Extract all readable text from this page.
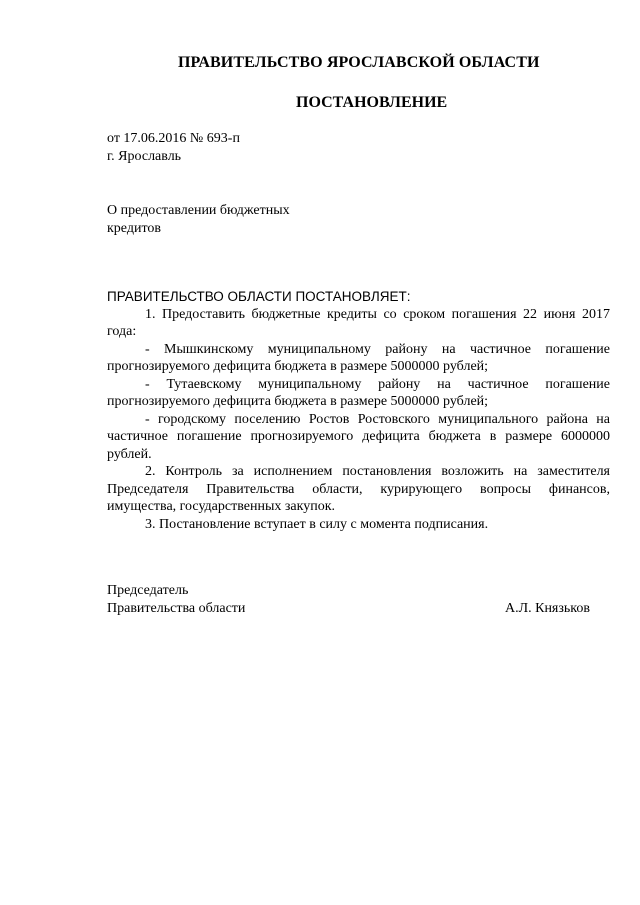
ПРАВИТЕЛЬСТВО ЯРОСЛАВСКОЙ ОБЛАСТИ
ПОСТАНОВЛЕНИЕ
от 17.06.2016 № 693-п
г. Ярославль
О предоставлении бюджетных
кредитов

ПРАВИТЕЛЬСТВО ОБЛАСТИ ПОСТАНОВЛЯЕТ:

1. Предоставить бюджетные кредиты со сроком погашения 22 июня 2017 года:

- Мышкинскому муниципальному району на частичное погашение прогнозируемого дефицита бюджета в размере 5000000 рублей;

- Тутаевскому муниципальному району на частичное погашение прогнозируемого дефицита бюджета в размере 5000000 рублей;

- городскому поселению Ростов Ростовского муниципального района на частичное погашение прогнозируемого дефицита бюджета в размере 6000000 рублей.

2. Контроль за исполнением постановления возложить на заместителя Председателя Правительства области, курирующего вопросы финансов, имущества, государственных закупок.

3. Постановление вступает в силу с момента подписания.

Председатель
Правительства области	А.Л. Князьков
